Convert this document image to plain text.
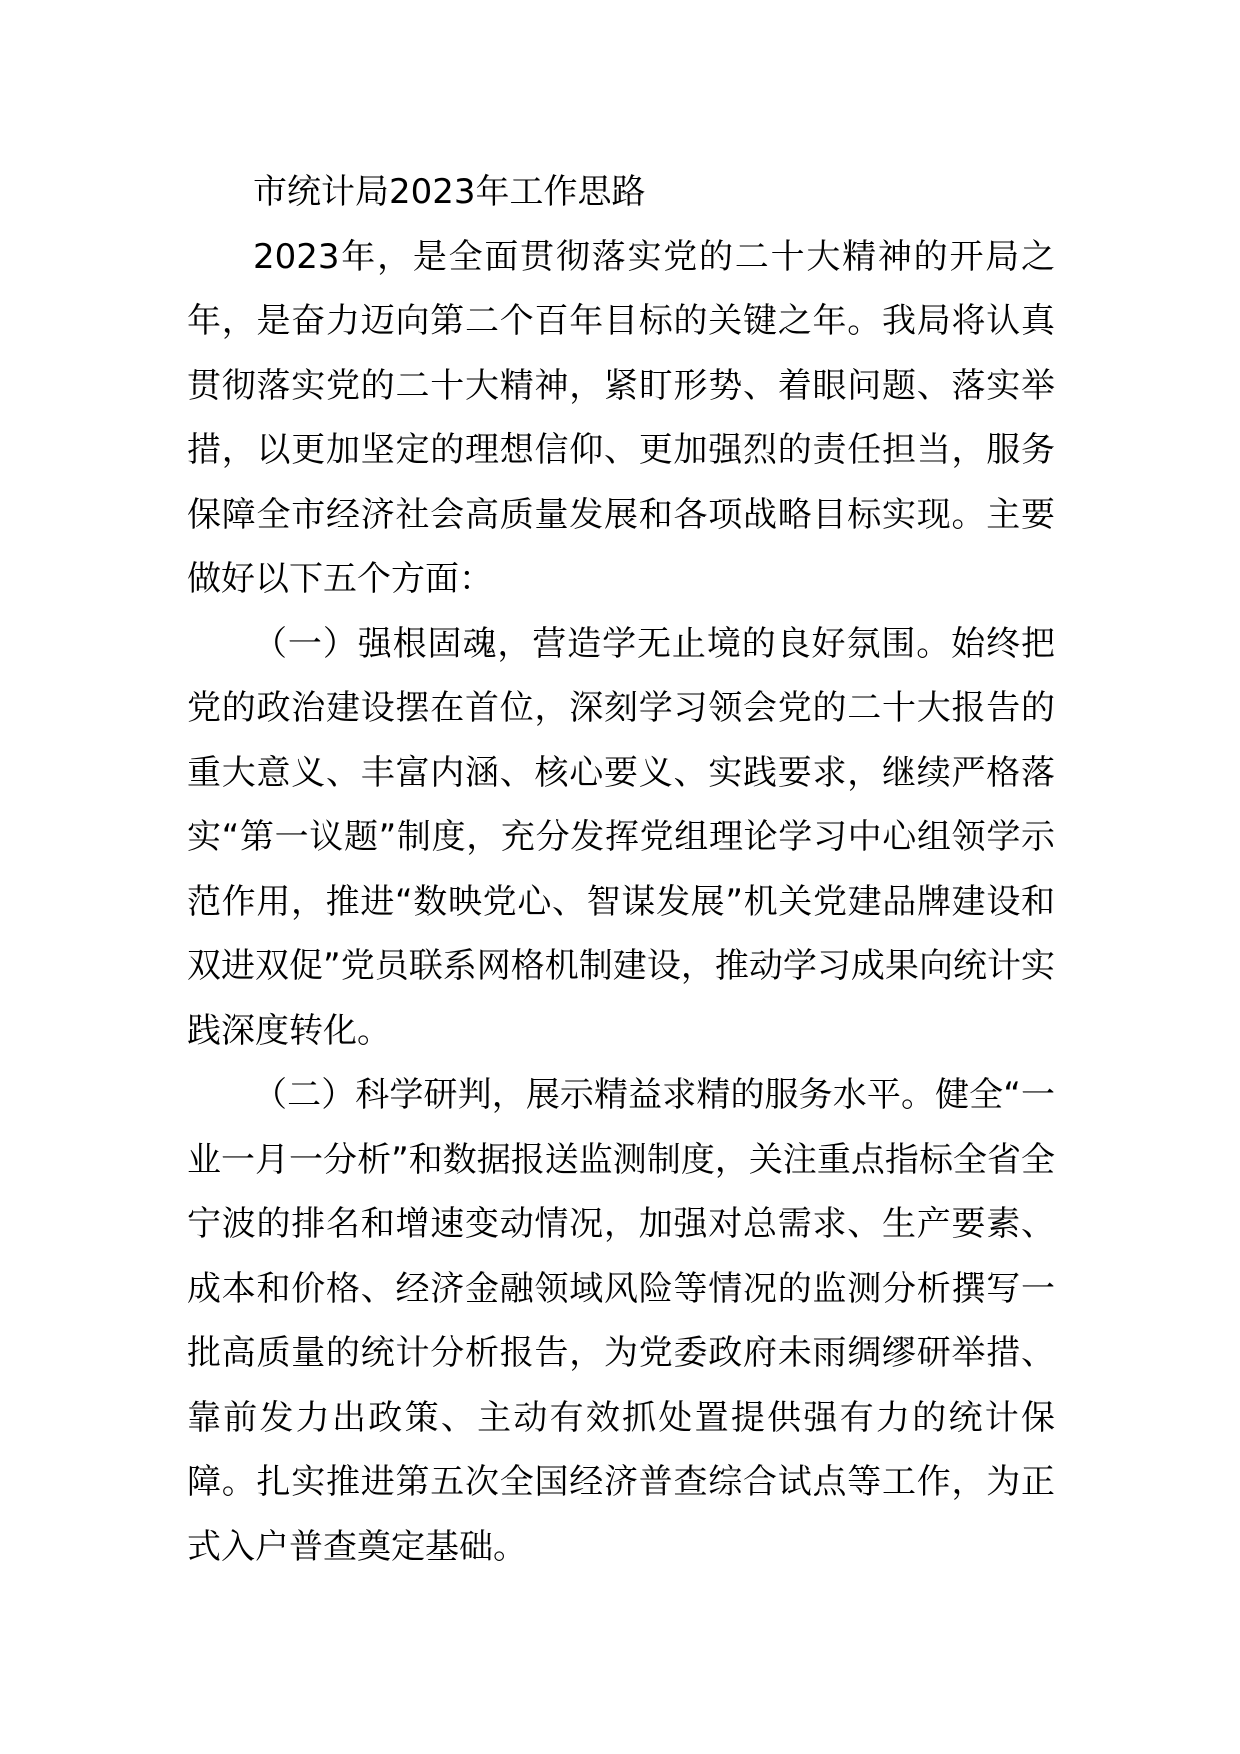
市统计局2023年工作思路

2023年，是全面贯彻落实党的二十大精神的开局之年，是奋力迈向第二个百年目标的关键之年。我局将认真贯彻落实党的二十大精神，紧盯形势、着眼问题、落实举措，以更加坚定的理想信仰、更加强烈的责任担当，服务保障全市经济社会高质量发展和各项战略目标实现。主要做好以下五个方面：

（一）强根固魂，营造学无止境的良好氛围。始终把党的政治建设摆在首位，深刻学习领会党的二十大报告的重大意义、丰富内涵、核心要义、实践要求，继续严格落实“第一议题”制度，充分发挥党组理论学习中心组领学示范作用，推进“数映党心、智谋发展”机关党建品牌建设和双进双促”党员联系网格机制建设，推动学习成果向统计实践深度转化。

（二）科学研判，展示精益求精的服务水平。健全“一业一月一分析”和数据报送监测制度，关注重点指标全省全宁波的排名和增速变动情况，加强对总需求、生产要素、成本和价格、经济金融领域风险等情况的监测分析撰写一批高质量的统计分析报告，为党委政府未雨绸缪研举措、靠前发力出政策、主动有效抓处置提供强有力的统计保障。扎实推进第五次全国经济普查综合试点等工作，为正式入户普查奠定基础。
